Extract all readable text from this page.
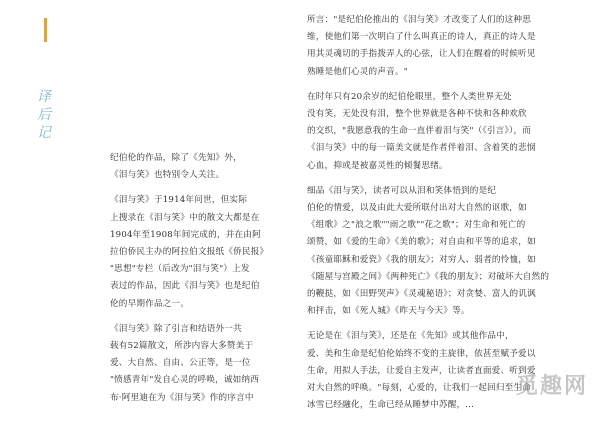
译
后
记
纪伯伦的作品，除了《先知》外，
《泪与笑》也特别令人关注。
《泪与笑》于1914年问世，但实际
上搜录在《泪与笑》中的散文大都是在
1904年至1908年间完成的，并在由阿
拉伯侨民主办的阿拉伯文报纸《侨民报》
"思想"专栏（后改为"泪与笑"）上发
表过的作品，因此《泪与笑》也是纪伯
伦的早期作品之一。
《泪与笑》除了引言和结语外一共
载有52篇散文，所涉内容大多赞美于
爱、大自然、自由、公正等，是一位
"愤感青年"发自心灵的呼唤，诚如纳西
布·阿里迪在为《泪与笑》作的序言中
所言："是纪伯伦推出的《泪与笑》才改变了人们的这种思
维，使他们第一次明白了什么叫真正的诗人，真正的诗人是
用其灵魂切的手指拨弄人的心弦，让人们在醒着的时候听见
熟睡是他们心灵的声音。"
在时年只有20余岁的纪伯伦眼里，整个人类世界无处
没有笑，无处没有泪，整个世界就是各种不快和各种欢欣
的交织，"我愿意我的生命一直伴着泪与笑"（《引言》），而
《泪与笑》中的每一篇美文就是作者伴着泪、含着笑的悲悯
心血，抑或是被嘉灵性的倾餐思绪。
细品《泪与笑》，读者可以从泪和笑体悟到的是纪
伯伦的情爱，以及由此大爱所联付出对大自然的讴歌，如
《组歌》之"浪之歌""雨之歌""花之歌"；对生命和死亡的
颂赞，如《爱的生命》《美的歌》；对自由和平等的追求，如
《孩童耶稣和爱瓷》《我的朋友》；对穷人、弱者的怜恤，如
《随屋与宫殿之间》《两种死亡》《我的朋友》；对破坏大自然的
的鞭挞，如《田野哭声》《灵魂秘语》；对贪婪、富人的讥讽
和抨击，如《死人城》《昨天与今天》等。
无论是在《泪与笑》，还是在《先知》或其他作品中，
爱、美和生命是纪伯伦始终不变的主旋律，依甚至赋予爱以
生命，用拟人手法，让爱自主发声，让读者直面爱、听到爱
对大自然的呼唤。"每刻，心爱的，让我们一起回归至生命
冰雪已经融化，生命已经从睡梦中苏醒，...
觅趣网
